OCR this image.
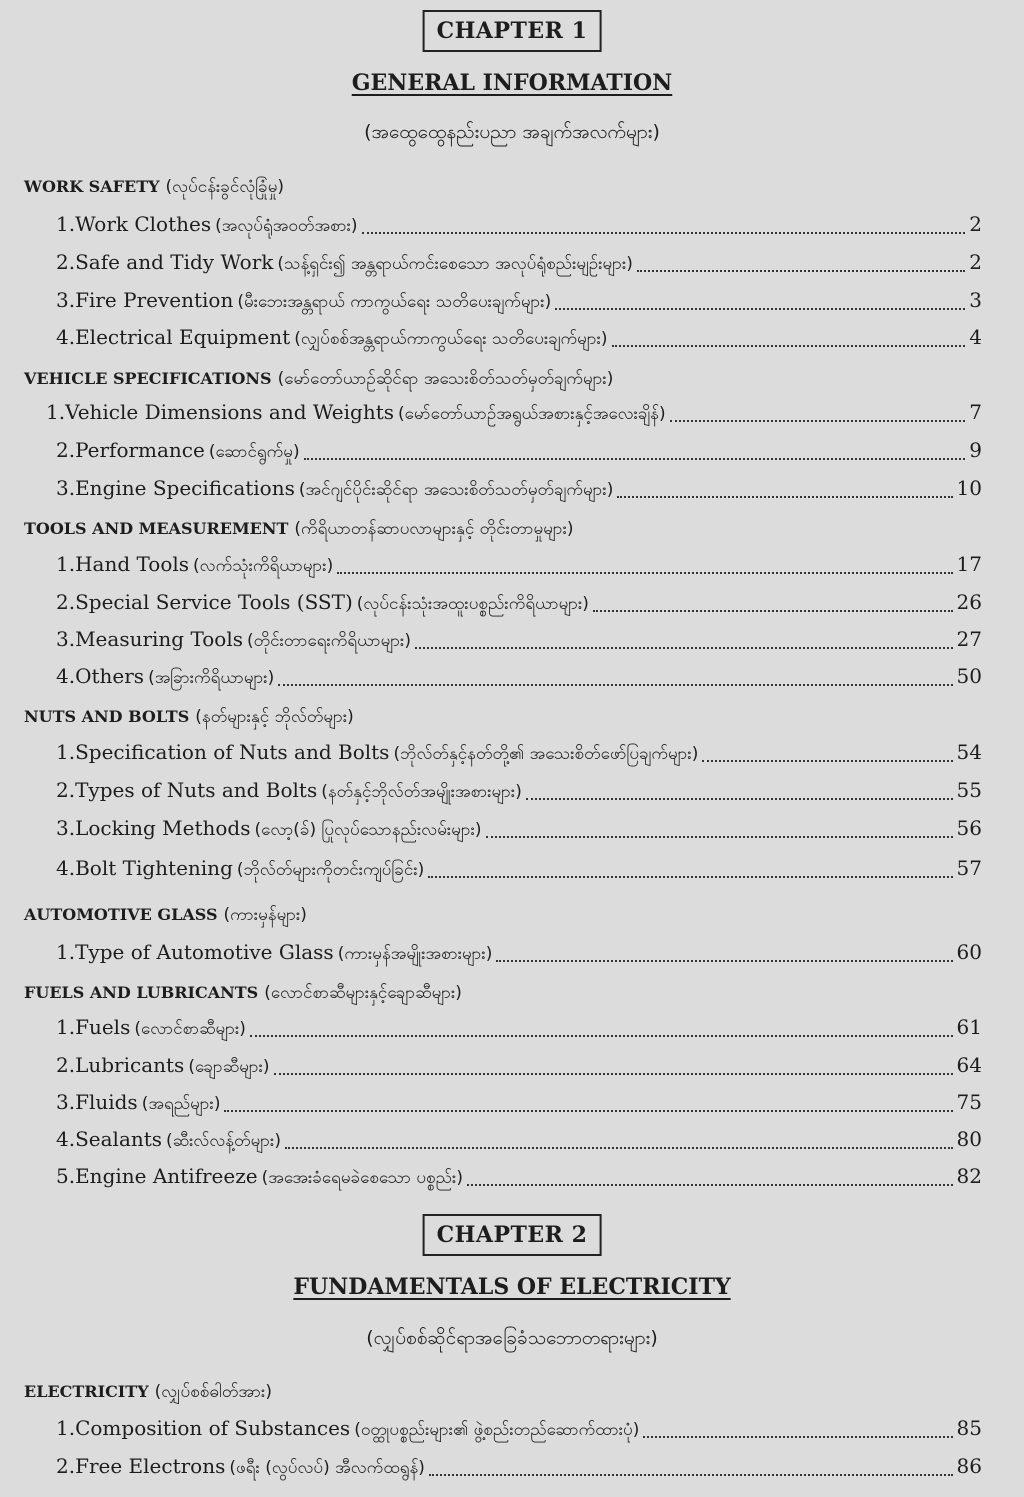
CHAPTER 1
GENERAL INFORMATION
(အထွေထွေနည်းပညာ အချက်အလက်များ)
WORK SAFETY (လုပ်ငန်းခွင်လုံခြုံမှု)
1.Work Clothes (အလုပ်ရုံအဝတ်အစား)	2
2.Safe and Tidy Work (သန့်ရှင်း၍ အန္တရာယ်ကင်းစေသော အလုပ်ရုံစည်းမျဉ်းများ)	2
3.Fire Prevention (မီးဘေးအန္တရာယ် ကာကွယ်ရေး သတိပေးချက်များ)	3
4.Electrical Equipment (လျှပ်စစ်အန္တရာယ်ကာကွယ်ရေး သတိပေးချက်များ)	4
VEHICLE SPECIFICATIONS (မော်တော်ယာဉ်ဆိုင်ရာ အသေးစိတ်သတ်မှတ်ချက်များ)
1.Vehicle Dimensions and Weights (မော်တော်ယာဉ်အရွယ်အစားနှင့်အလေးချိန်)	7
2.Performance (ဆောင်ရွက်မှု)	9
3.Engine Specifications (အင်ဂျင်ပိုင်းဆိုင်ရာ အသေးစိတ်သတ်မှတ်ချက်များ)	10
TOOLS AND MEASUREMENT (ကိရိယာတန်ဆာပလာများနှင့် တိုင်းတာမှုများ)
1.Hand Tools (လက်သုံးကိရိယာများ)	17
2.Special Service Tools (SST) (လုပ်ငန်းသုံးအထူးပစ္စည်းကိရိယာများ)	26
3.Measuring Tools (တိုင်းတာရေးကိရိယာများ)	27
4.Others (အခြားကိရိယာများ)	50
NUTS AND BOLTS (နတ်များနှင့် ဘိုလ်တ်များ)
1.Specification of Nuts and Bolts (ဘိုလ်တ်နှင့်နတ်တို့၏ အသေးစိတ်ဖော်ပြချက်များ)	54
2.Types of Nuts and Bolts (နတ်နှင့်ဘိုလ်တ်အမျိုးအစားများ)	55
3.Locking Methods (လော့(ခ်) ပြုလုပ်သောနည်းလမ်းများ)	56
4.Bolt Tightening (ဘိုလ်တ်များကိုတင်းကျပ်ခြင်း)	57
AUTOMOTIVE GLASS (ကားမှန်များ)
1.Type of Automotive Glass (ကားမှန်အမျိုးအစားများ)	60
FUELS AND LUBRICANTS (လောင်စာဆီများနှင့်ချောဆီများ)
1.Fuels (လောင်စာဆီများ)	61
2.Lubricants (ချောဆီများ)	64
3.Fluids (အရည်များ)	75
4.Sealants (ဆီးလ်လန့်တ်များ)	80
5.Engine Antifreeze (အအေးခံရေမခဲစေသော ပစ္စည်း)	82
CHAPTER 2
FUNDAMENTALS OF ELECTRICITY
(လျှပ်စစ်ဆိုင်ရာအခြေခံသဘောတရားများ)
ELECTRICITY (လျှပ်စစ်ဓါတ်အား)
1.Composition of Substances (ဝတ္ထုပစ္စည်းများ၏ ဖွဲ့စည်းတည်ဆောက်ထားပုံ)	85
2.Free Electrons (ဖရီး (လွပ်လပ်) အီလက်ထရွန်)	86
